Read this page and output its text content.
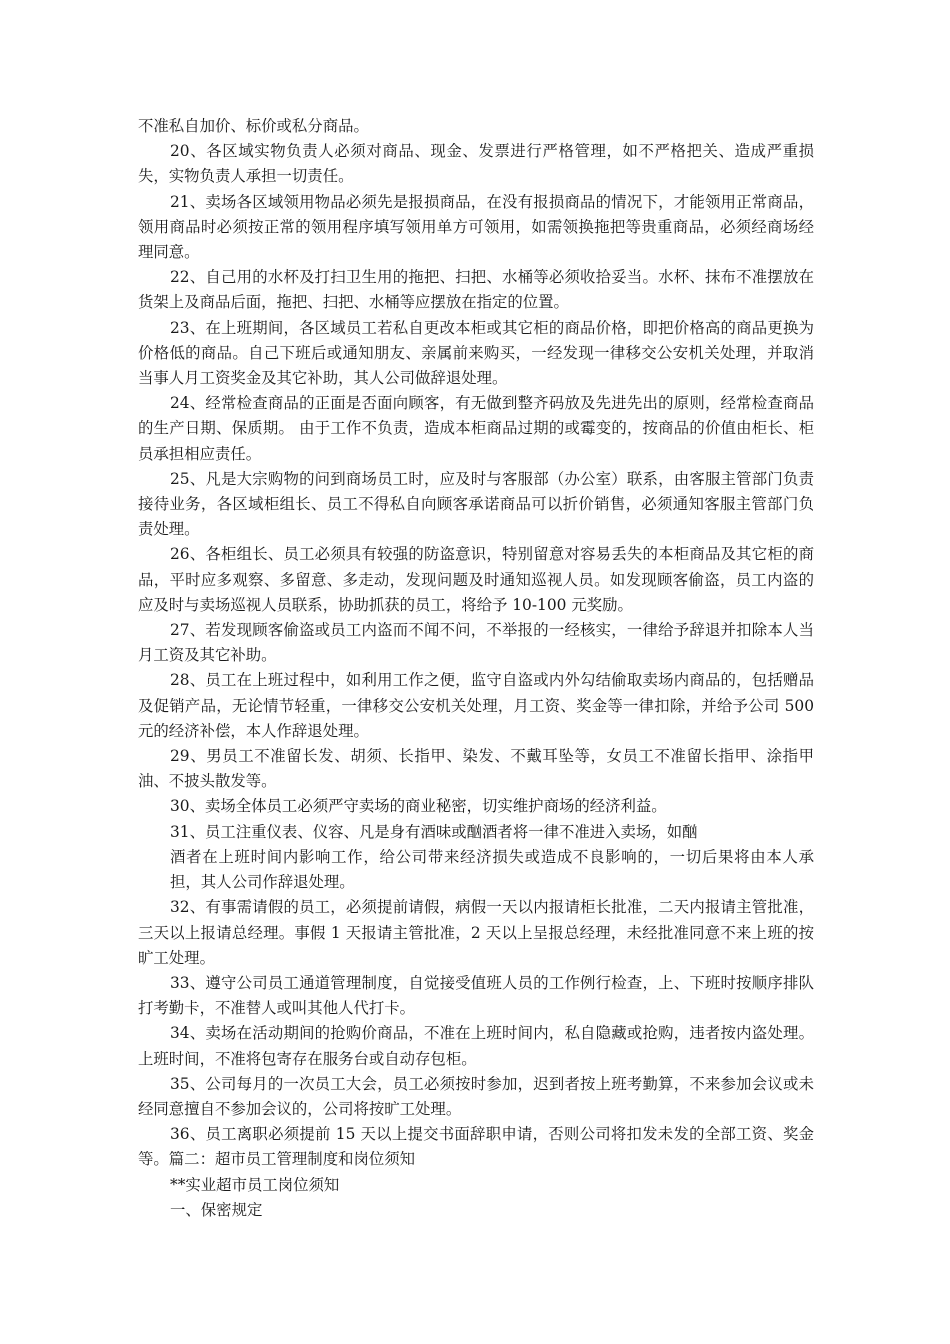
不准私自加价、标价或私分商品。

20、各区域实物负责人必须对商品、现金、发票进行严格管理，如不严格把关、造成严重损失，实物负责人承担一切责任。

21、卖场各区域领用物品必须先是报损商品，在没有报损商品的情况下，才能领用正常商品，领用商品时必须按正常的领用程序填写领用单方可领用，如需领换拖把等贵重商品，必须经商场经理同意。

22、自己用的水杯及打扫卫生用的拖把、扫把、水桶等必须收拾妥当。水杯、抹布不准摆放在货架上及商品后面，拖把、扫把、水桶等应摆放在指定的位置。

23、在上班期间，各区域员工若私自更改本柜或其它柜的商品价格，即把价格高的商品更换为价格低的商品。自己下班后或通知朋友、亲属前来购买，一经发现一律移交公安机关处理，并取消当事人月工资奖金及其它补助，其人公司做辞退处理。

24、经常检查商品的正面是否面向顾客，有无做到整齐码放及先进先出的原则，经常检查商品的生产日期、保质期。 由于工作不负责，造成本柜商品过期的或霉变的，按商品的价值由柜长、柜员承担相应责任。

25、凡是大宗购物的问到商场员工时，应及时与客服部（办公室）联系，由客服主管部门负责接待业务，各区域柜组长、员工不得私自向顾客承诺商品可以折价销售，必须通知客服主管部门负责处理。

26、各柜组长、员工必须具有较强的防盗意识，特别留意对容易丢失的本柜商品及其它柜的商品，平时应多观察、多留意、多走动，发现问题及时通知巡视人员。如发现顾客偷盗，员工内盗的应及时与卖场巡视人员联系，协助抓获的员工，将给予 10-100 元奖励。

27、若发现顾客偷盗或员工内盗而不闻不问，不举报的一经核实，一律给予辞退并扣除本人当月工资及其它补助。

28、员工在上班过程中，如利用工作之便，监守自盗或内外勾结偷取卖场内商品的，包括赠品及促销产品，无论情节轻重，一律移交公安机关处理，月工资、奖金等一律扣除，并给予公司 500 元的经济补偿，本人作辞退处理。

29、男员工不准留长发、胡须、长指甲、染发、不戴耳坠等，女员工不准留长指甲、涂指甲油、不披头散发等。

30、卖场全体员工必须严守卖场的商业秘密，切实维护商场的经济利益。

31、员工注重仪表、仪容、凡是身有酒味或酗酒者将一律不准进入卖场，如酗

酒者在上班时间内影响工作，给公司带来经济损失或造成不良影响的，一切后果将由本人承担，其人公司作辞退处理。

32、有事需请假的员工，必须提前请假，病假一天以内报请柜长批准，二天内报请主管批准，三天以上报请总经理。事假 1 天报请主管批准，2 天以上呈报总经理，未经批准同意不来上班的按旷工处理。

33、遵守公司员工通道管理制度，自觉接受值班人员的工作例行检查，上、下班时按顺序排队打考勤卡，不准替人或叫其他人代打卡。

34、卖场在活动期间的抢购价商品，不准在上班时间内，私自隐藏或抢购，违者按内盗处理。上班时间，不准将包寄存在服务台或自动存包柜。

35、公司每月的一次员工大会，员工必须按时参加，迟到者按上班考勤算，不来参加会议或未经同意擅自不参加会议的，公司将按旷工处理。

36、员工离职必须提前 15 天以上提交书面辞职申请，否则公司将扣发未发的全部工资、奖金等。篇二：超市员工管理制度和岗位须知

**实业超市员工岗位须知

一、保密规定
